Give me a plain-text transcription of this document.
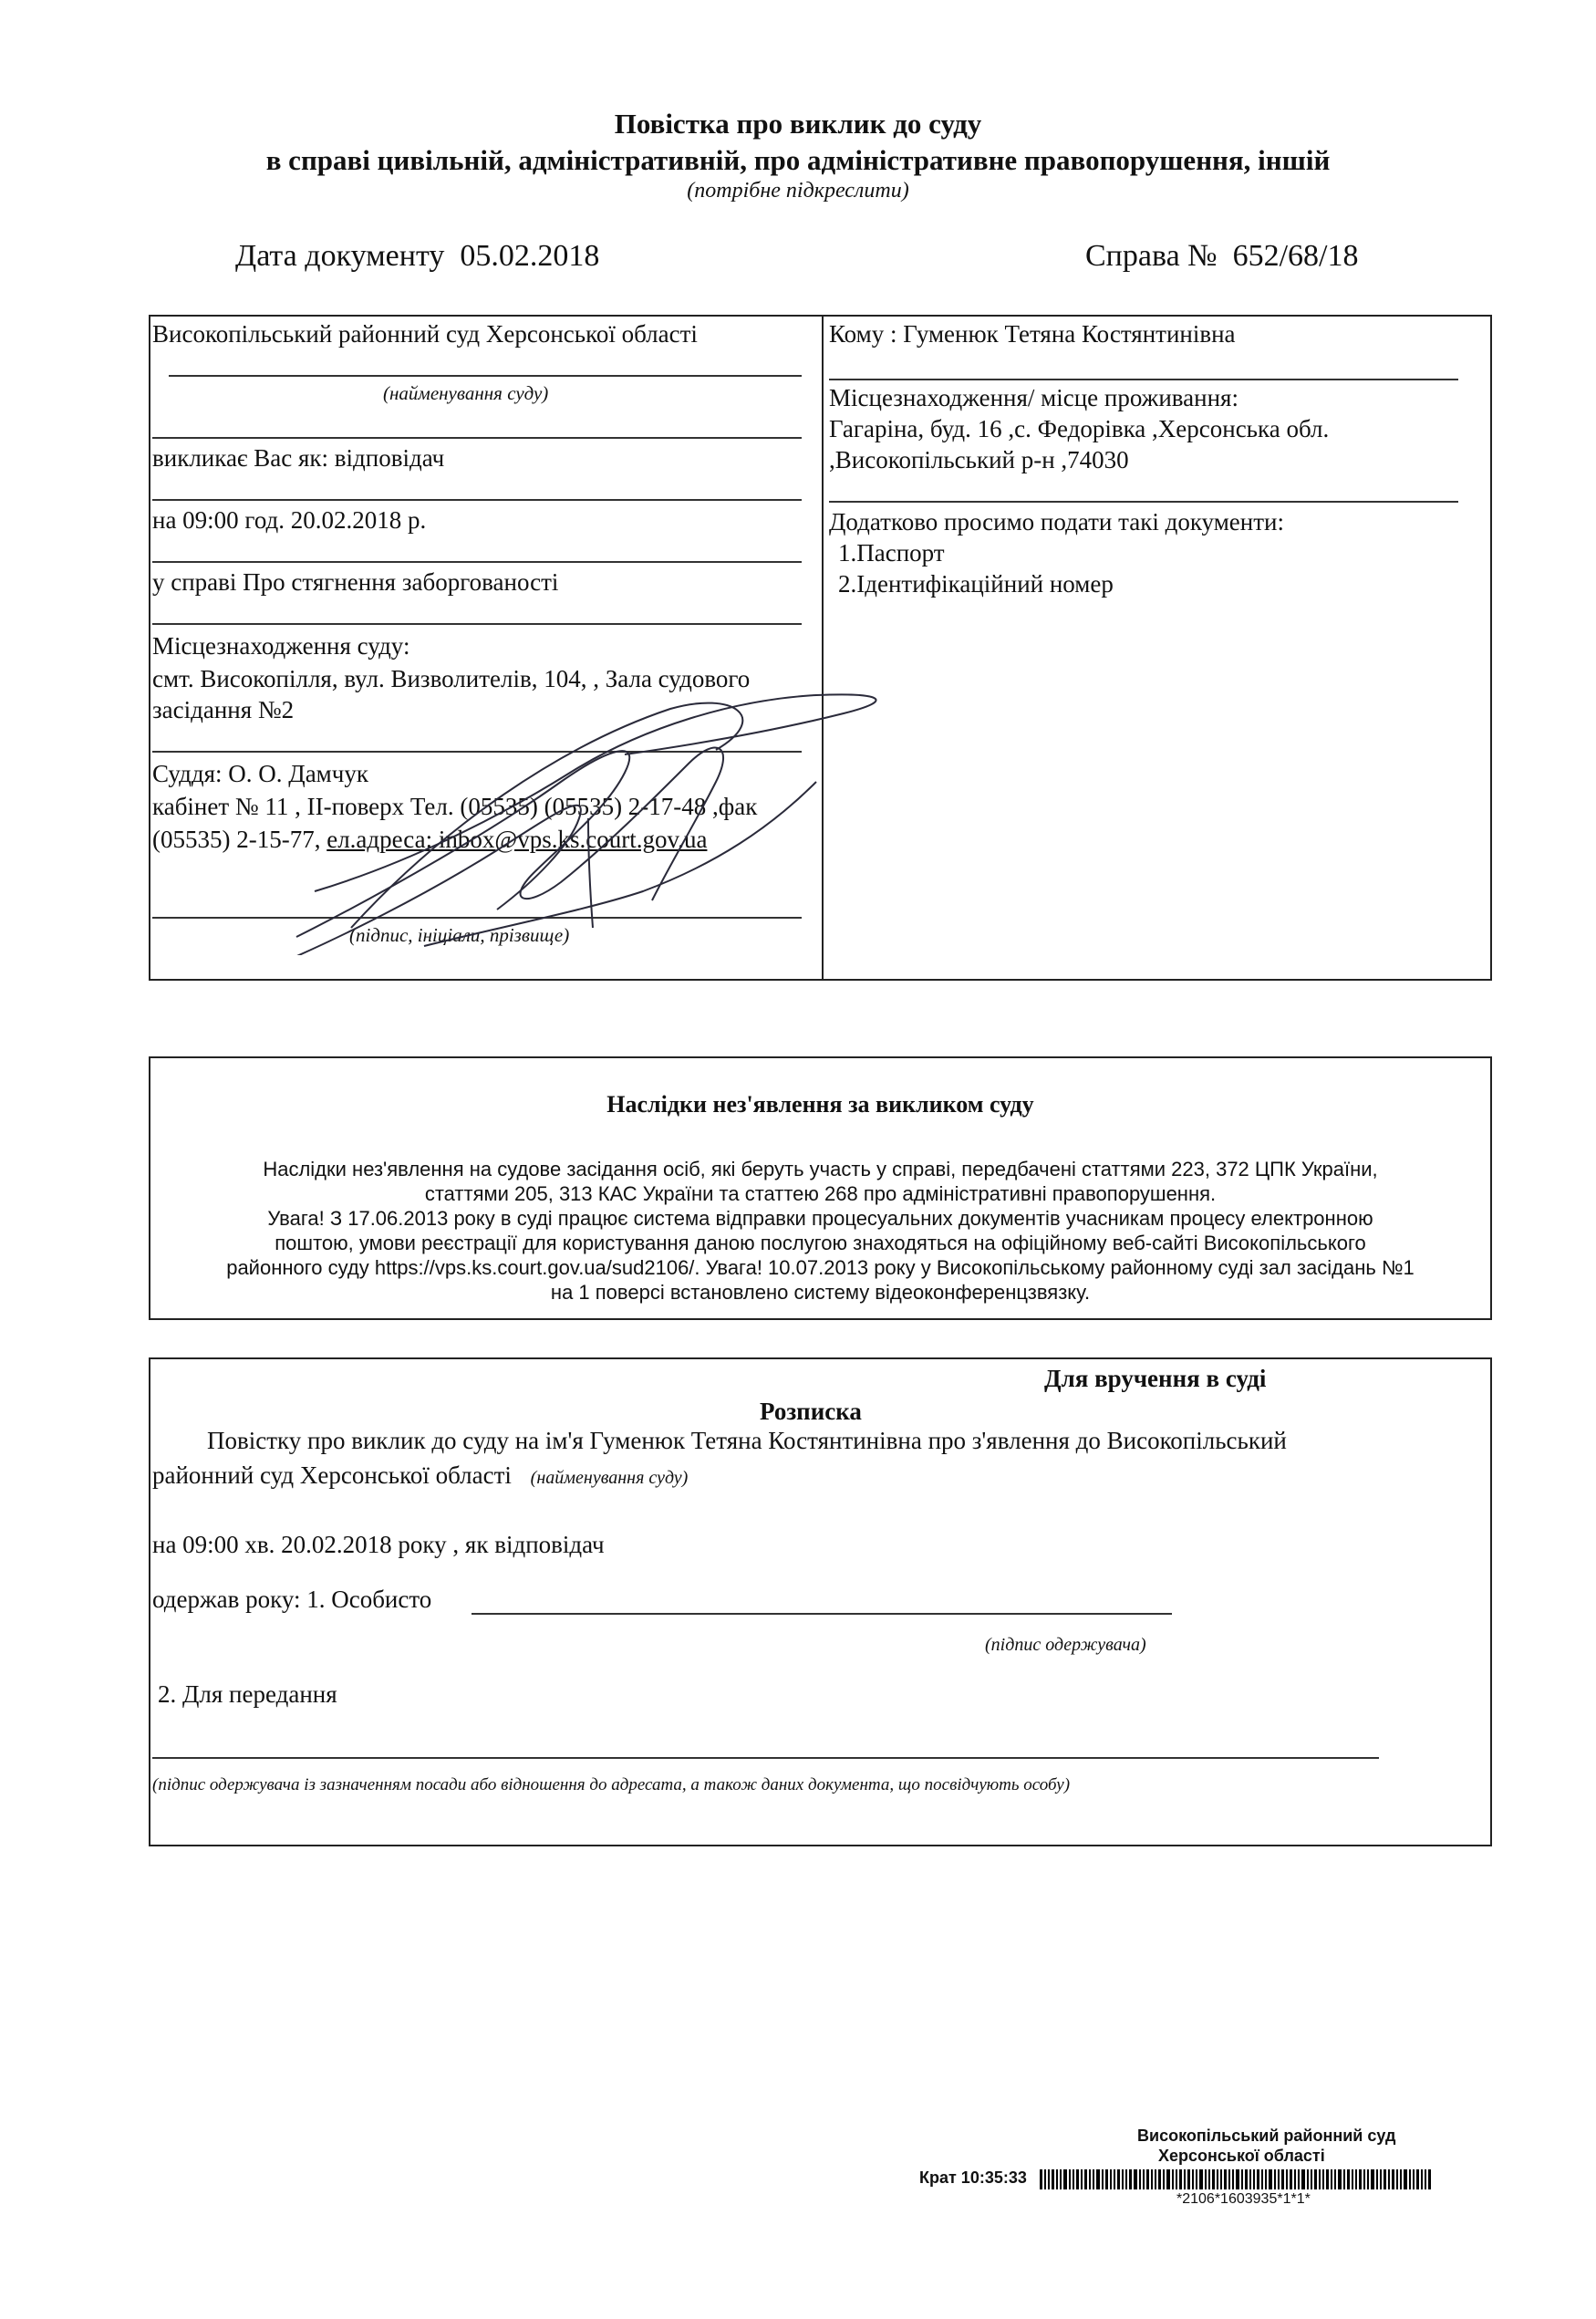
Повістка про виклик до суду
в справі цивільній, адміністративній, про адміністративне правопорушення, іншій
(потрібне підкреслити)
Дата документу 05.02.2018	Справа № 652/68/18
Високопільський районний суд Херсонської області
(найменування суду)
викликає Вас як: відповідач
на 09:00 год. 20.02.2018 р.
у справі Про стягнення заборгованості
Місцезнаходження суду:
смт. Високопілля, вул. Визволителів, 104, , Зала судового
засідання №2
Суддя: О. О. Дамчук
кабінет № 11 , II-поверх Тел. (05535) (05535) 2-17-48 ,фак
(05535) 2-15-77, ел.адреса: inbox@vps.ks.court.gov.ua
(підпис, ініціали, прізвище)
Кому : Гуменюк Тетяна Костянтинівна
Місцезнаходження/ місце проживання:
Гагаріна, буд. 16 ,с. Федорівка ,Херсонська обл.
,Високопільський р-н ,74030
Додатково просимо подати такі документи:
1.Паспорт
2.Ідентифікаційний номер
Наслідки нез'явлення за викликом суду
Наслідки нез'явлення на судове засідання осіб, які беруть участь у справі, передбачені статтями 223, 372 ЦПК України,
статтями 205, 313 КАС України та статтею 268 про адміністративні правопорушення.
Увага! З 17.06.2013 року в суді працює система відправки процесуальних документів учасникам процесу електронною
поштою, умови реєстрації для користування даною послугою знаходяться на офіційному веб-сайті Високопільського
районного суду https://vps.ks.court.gov.ua/sud2106/. Увага! 10.07.2013 року у Високопільському районному суді зал засідань №1
на 1 поверсі встановлено систему відеоконференцзвязку.
Для вручення в суді
Розписка
Повістку про виклик до суду на ім'я Гуменюк Тетяна Костянтинівна про з'явлення до Високопільський
районний суд Херсонської області (найменування суду)
на 09:00 хв. 20.02.2018 року , як відповідач
одержав року: 1. Особисто
(підпис одержувача)
2. Для передання
(підпис одержувача із зазначенням посади або відношення до адресата, а також даних документа, що посвідчують особу)
Високопільський районний суд
Херсонської області
Крат 10:35:33
*2106*1603935*1*1*
